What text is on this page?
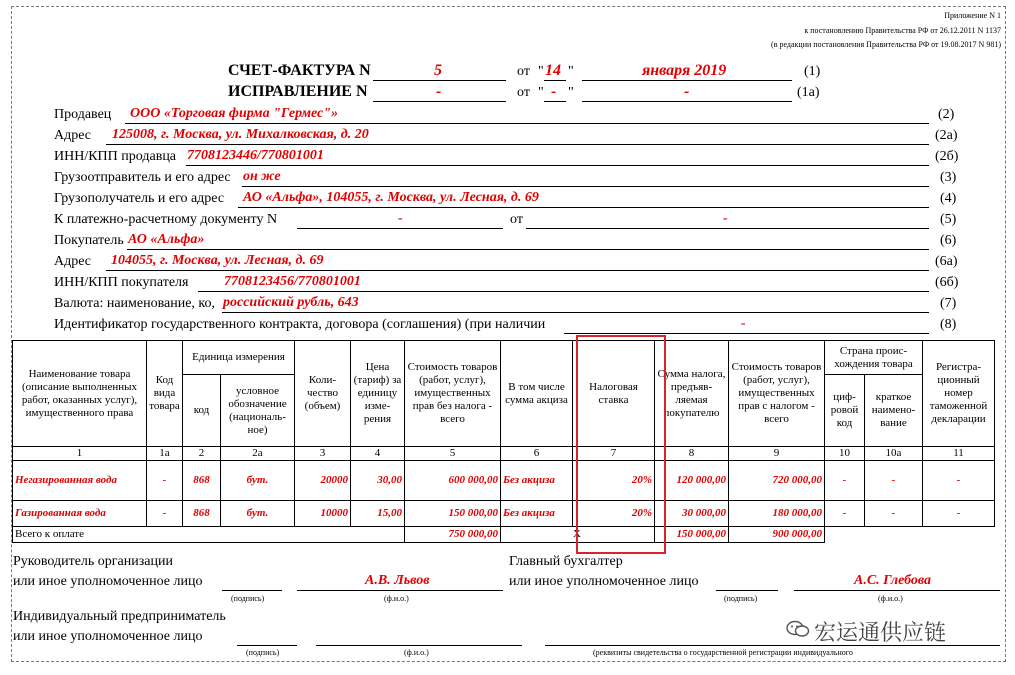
Приложение N 1
к постановлению Правительства РФ от 26.12.2011 N 1137
(в редакции постановления Правительства РФ от 19.08.2017 N 981)
СЧЕТ-ФАКТУРА N	5	от " 14 "	января 2019	(1)
ИСПРАВЛЕНИЕ N	-	от " - "	-	(1а)
Продавец ООО «Торговая фирма "Гермес"»	(2)
Адрес 125008, г. Москва, ул. Михалковская, д. 20	(2а)
ИНН/КПП продавца 7708123446/770801001	(2б)
Грузоотправитель и его адрес он же	(3)
Грузополучатель и его адрес АО «Альфа», 104055, г. Москва, ул. Лесная, д. 69	(4)
К платежно-расчетному документу N	-	от	-	(5)
Покупатель АО «Альфа»	(6)
Адрес 104055, г. Москва, ул. Лесная, д. 69	(6а)
ИНН/КПП покупателя	7708123456/770801001	(6б)
Валюта: наименование, ко, российский рубль, 643	(7)
Идентификатор государственного контракта, договора (соглашения) (при наличии	-	(8)
Наименование товара (описание выполненных работ, оказанных услуг), имущественного права	Код вида товара	Единица измерения		Коли-чество (объем)	Цена (тариф) за единицу изме-рения	Стоимость товаров (работ, услуг), имущественных прав без налога - всего	В том числе сумма акциза	Налоговая ставка	Сумма налога, предъяв-ляемая покупателю	Стоимость товаров (работ, услуг), имущественных прав с налогом - всего	Страна проис-хождения товара		Регистра-ционный номер таможенной декларации
		код	условное обозначение (националь-ное)								циф-ровой код	краткое наимено-вание	
1	1а	2	2а	3	4	5	6	7	8	9	10	10а	11
Негазированная вода	-	868	бут.	20000	30,00	600 000,00	Без акциза	20%	120 000,00	720 000,00	-	-	-
Газированная вода	-	868	бут.	10000	15,00	150 000,00	Без акциза	20%	30 000,00	180 000,00	-	-	-
Всего к оплате						750 000,00	X		150 000,00	900 000,00			
Руководитель организации
или иное уполномоченное лицо	А.В. Львов
(подпись)	(ф.и.о.)
Главный бухгалтер
или иное уполномоченное лицо	А.С. Глебова
(подпись)	(ф.и.о.)
Индивидуальный предприниматель
или иное уполномоченное лицо
(подпись)	(ф.и.о.)	(реквизиты свидетельства о государственной регистрации индивидуального
宏运通供应链
